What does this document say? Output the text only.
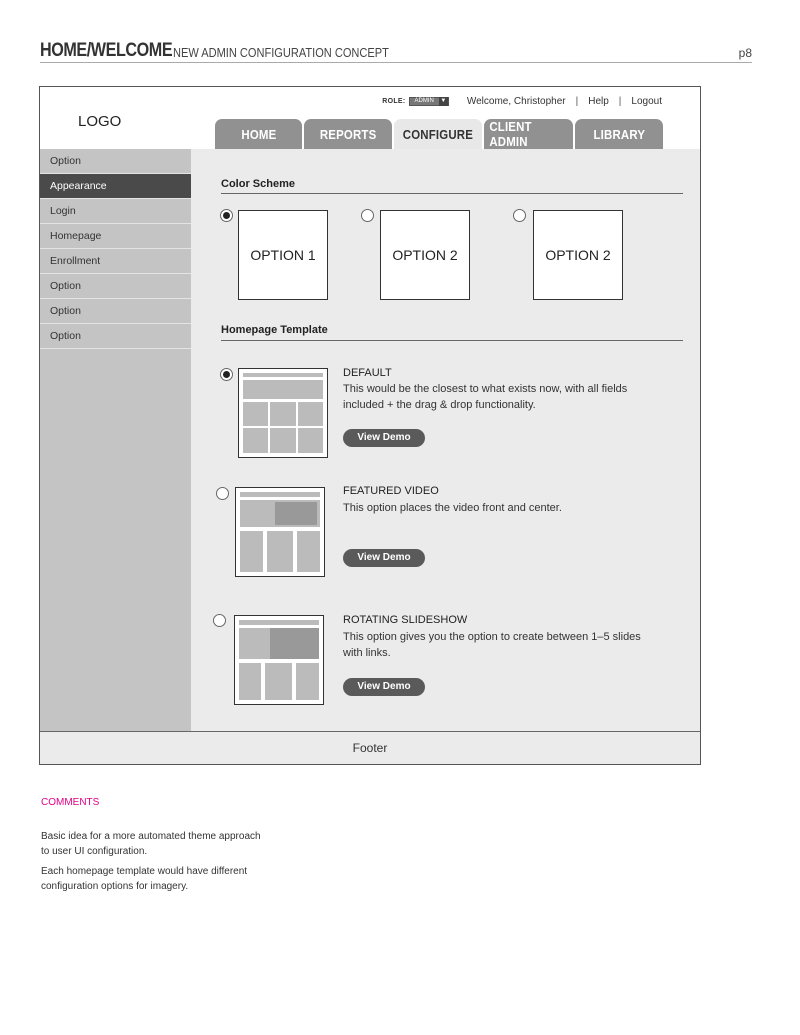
HOME/WELCOME NEW ADMIN CONFIGURATION CONCEPT	p8
LOGO
ROLE:	ADMIN	▼ Welcome, Christopher | Help | Logout
HOME	REPORTS CONFIGURE CLIENT ADMIN	LIBRARY
Option
Appearance
Login
Homepage
Enrollment
Option
Option
Option
Color Scheme
OPTION 1	OPTION 2	OPTION 2
Homepage Template
DEFAULT
This would be the closest to what exists now, with all fields included + the drag & drop functionality.
View Demo
FEATURED VIDEO
This option places the video front and center.
View Demo
ROTATING SLIDESHOW
This option gives you the option to create between 1–5 slides with links.
View Demo
Footer
COMMENTS
Basic idea for a more automated theme approach to user UI configuration.
Each homepage template would have different configuration options for imagery.
